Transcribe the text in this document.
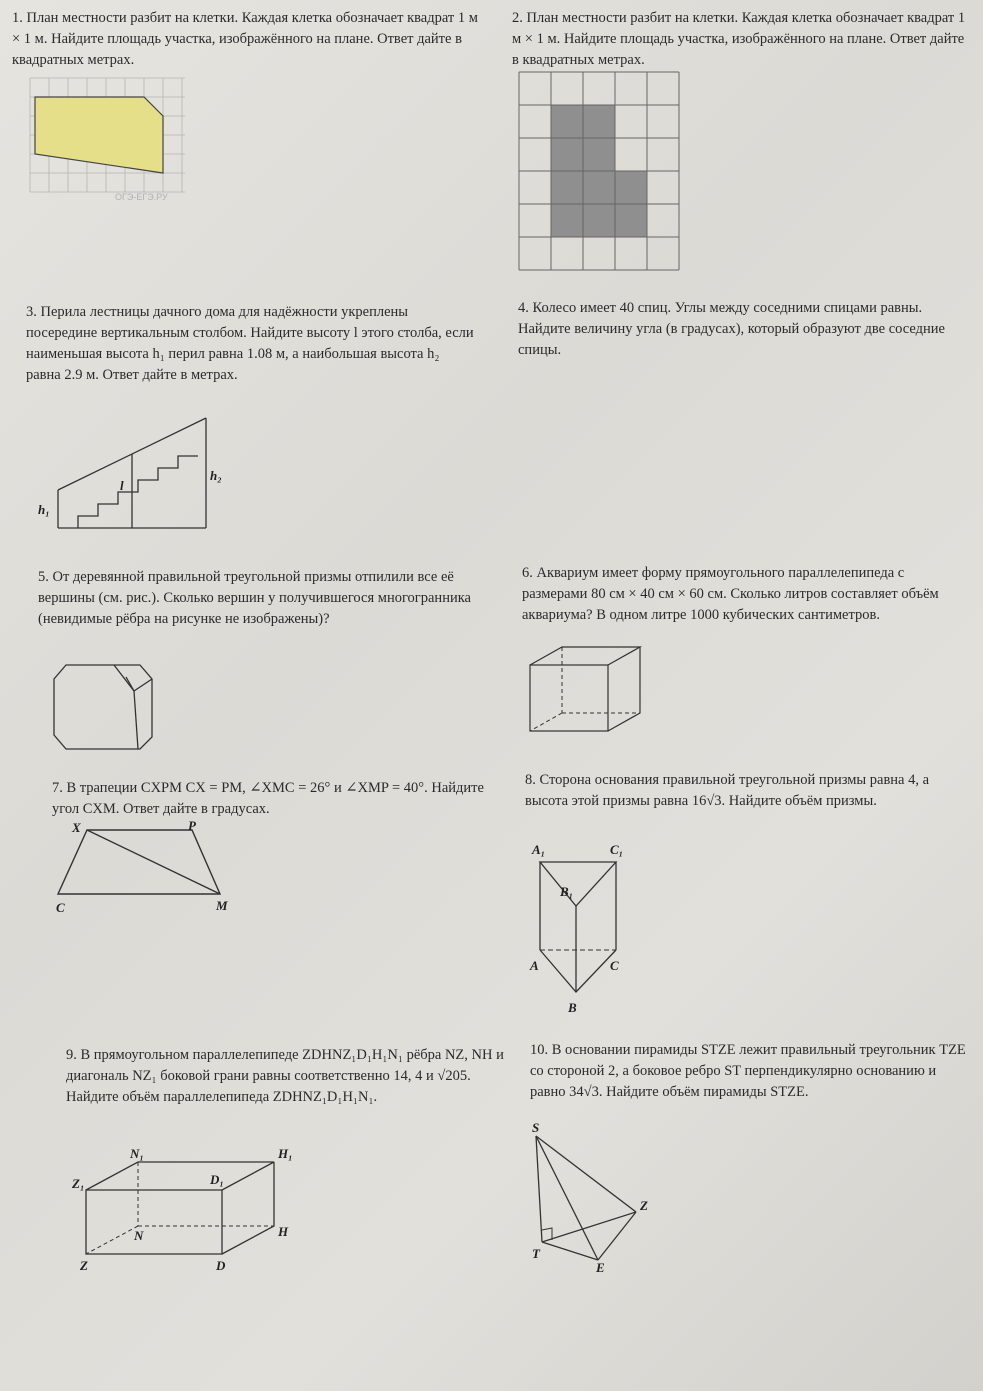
1. План местности разбит на клетки. Каждая клетка обозначает квадрат 1 м × 1 м. Найдите площадь участка, изображённого на плане. Ответ дайте в квадратных метрах.

ОГЭ-ЕГЭ.РУ

2. План местности разбит на клетки. Каждая клетка обозначает квадрат 1 м × 1 м. Найдите площадь участка, изображённого на плане. Ответ дайте в квадратных метрах.

3. Перила лестницы дачного дома для надёжности укреплены посередине вертикальным столбом. Найдите высоту l этого столба, если наименьшая высота h₁ перил равна 1.08 м, а наибольшая высота h₂ равна 2.9 м. Ответ дайте в метрах.

h₁
l
h₂

4. Колесо имеет 40 спиц. Углы между соседними спицами равны. Найдите величину угла (в градусах), который образуют две соседние спицы.

5. От деревянной правильной треугольной призмы отпилили все её вершины (см. рис.). Сколько вершин у получившегося многогранника (невидимые рёбра на рисунке не изображены)?

6. Аквариум имеет форму прямоугольного параллелепипеда с размерами 80 см × 40 см × 60 см. Сколько литров составляет объём аквариума? В одном литре 1000 кубических сантиметров.

7. В трапеции CXPM CX = PM, ∠XMC = 26° и ∠XMP = 40°. Найдите угол CXM. Ответ дайте в градусах.

X	P
C	M

8. Сторона основания правильной треугольной призмы равна 4, а высота этой призмы равна 16√3. Найдите объём призмы.

A₁	C₁
B₁
A	C
B

9. В прямоугольном параллелепипеде ZDHNZ₁D₁H₁N₁ рёбра NZ, NH и диагональ NZ₁ боковой грани равны соответственно 14, 4 и √205. Найдите объём параллелепипеда ZDHNZ₁D₁H₁N₁.

N₁	H₁
Z₁	D₁
N	H
Z	D

10. В основании пирамиды STZE лежит правильный треугольник TZE со стороной 2, а боковое ребро ST перпендикулярно основанию и равно 34√3. Найдите объём пирамиды STZE.

S
Z
T
E
